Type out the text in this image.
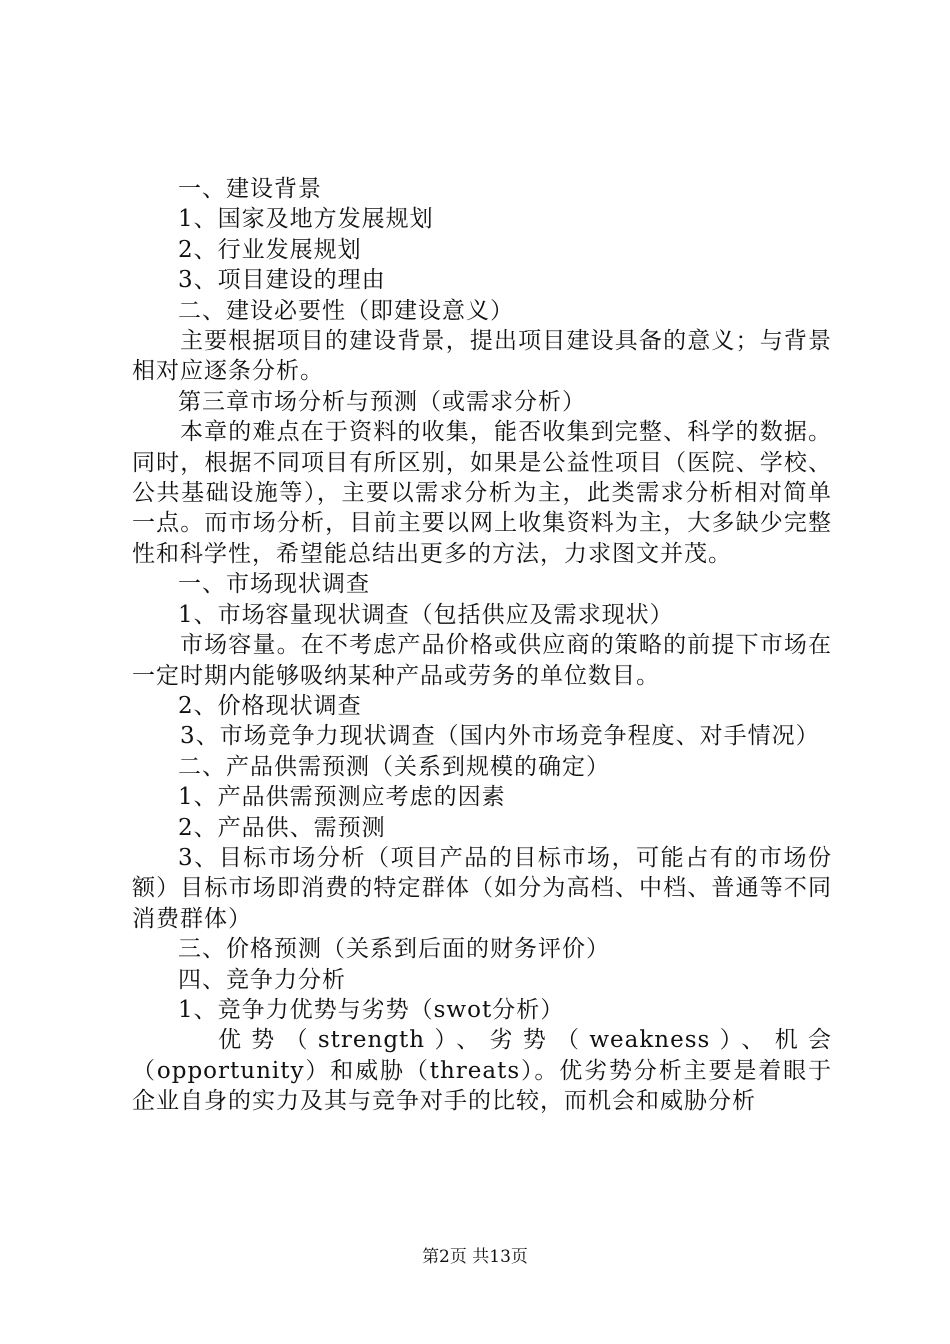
一、建设背景

1、国家及地方发展规划

2、行业发展规划

3、项目建设的理由

二、建设必要性（即建设意义）

主要根据项目的建设背景，提出项目建设具备的意义；与背景相对应逐条分析。

第三章市场分析与预测（或需求分析）

本章的难点在于资料的收集，能否收集到完整、科学的数据。同时，根据不同项目有所区别，如果是公益性项目（医院、学校、公共基础设施等），主要以需求分析为主，此类需求分析相对简单一点。而市场分析，目前主要以网上收集资料为主，大多缺少完整性和科学性，希望能总结出更多的方法，力求图文并茂。

一、市场现状调查

1、市场容量现状调查（包括供应及需求现状）

市场容量。在不考虑产品价格或供应商的策略的前提下市场在一定时期内能够吸纳某种产品或劳务的单位数目。

2、价格现状调查

3、市场竞争力现状调查（国内外市场竞争程度、对手情况）

二、产品供需预测（关系到规模的确定）

1、产品供需预测应考虑的因素

2、产品供、需预测

3、目标市场分析（项目产品的目标市场，可能占有的市场份额）目标市场即消费的特定群体（如分为高档、中档、普通等不同消费群体）

三、价格预测（关系到后面的财务评价）

四、竞争力分析

1、竞争力优势与劣势（swot分析）

优势（strength）、劣势（weakness）、机会（opportunity）和威胁（threats）。优劣势分析主要是着眼于企业自身的实力及其与竞争对手的比较，而机会和威胁分析

第2页 共13页
